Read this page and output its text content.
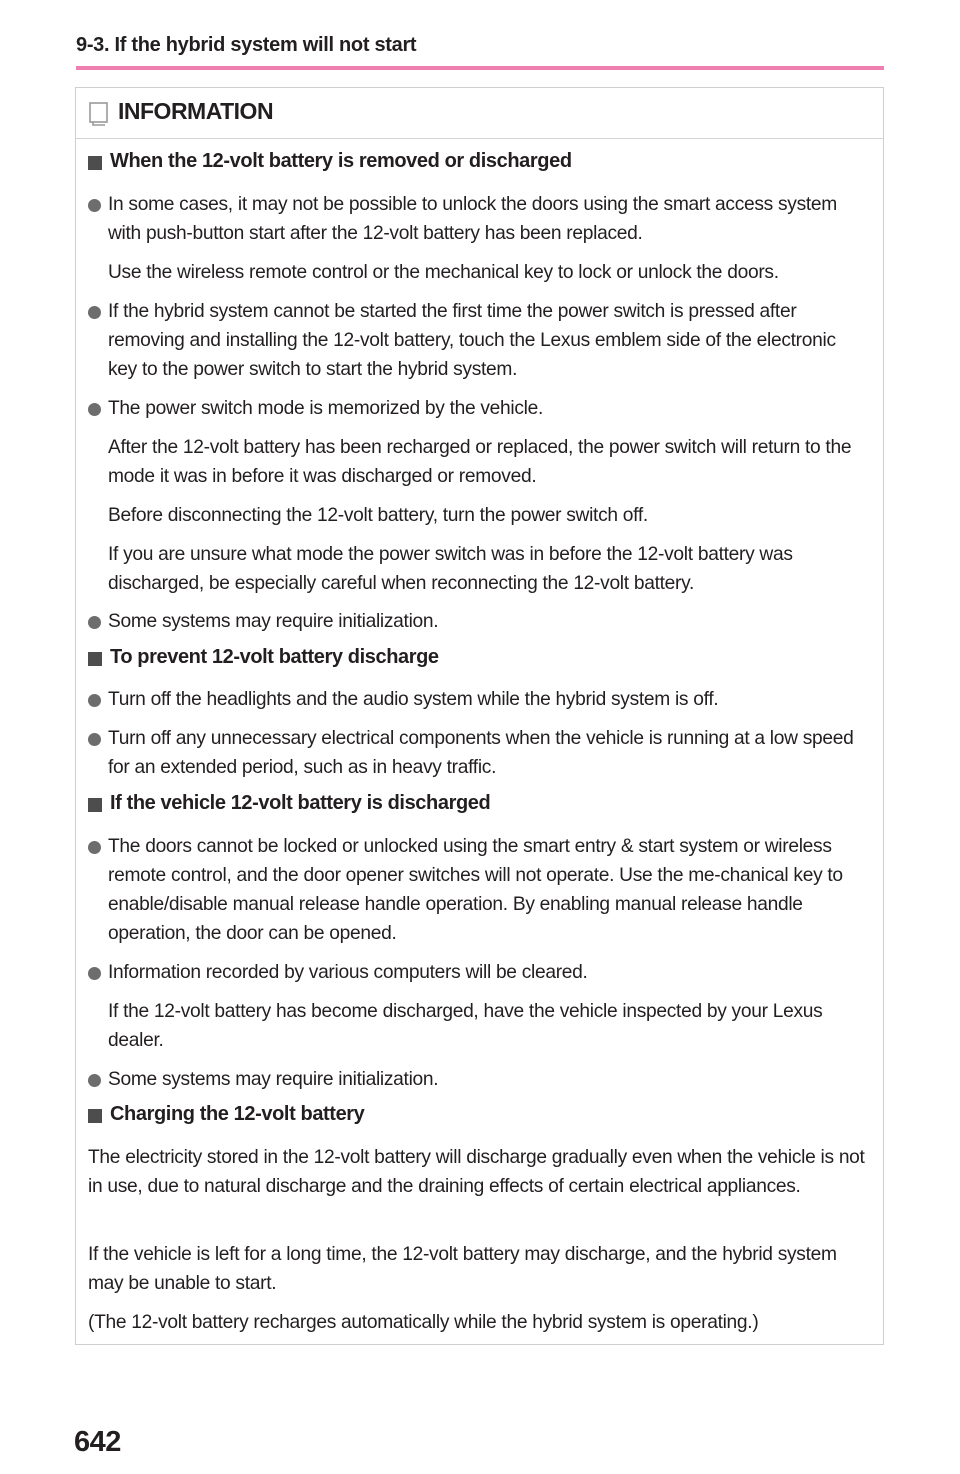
9-3. If the hybrid system will not start
INFORMATION
When the 12-volt battery is removed or discharged
In some cases, it may not be possible to unlock the doors using the smart access system with push-button start after the 12-volt battery has been replaced.
Use the wireless remote control or the mechanical key to lock or unlock the doors.
If the hybrid system cannot be started the first time the power switch is pressed after removing and installing the 12-volt battery, touch the Lexus emblem side of the electronic key to the power switch to start the hybrid system.
The power switch mode is memorized by the vehicle.
After the 12-volt battery has been recharged or replaced, the power switch will return to the mode it was in before it was discharged or removed.
Before disconnecting the 12-volt battery, turn the power switch off.
If you are unsure what mode the power switch was in before the 12-volt battery was discharged, be especially careful when reconnecting the 12-volt battery.
Some systems may require initialization.
To prevent 12-volt battery discharge
Turn off the headlights and the audio system while the hybrid system is off.
Turn off any unnecessary electrical components when the vehicle is running at a low speed for an extended period, such as in heavy traffic.
If the vehicle 12-volt battery is discharged
The doors cannot be locked or unlocked using the smart entry & start system or wireless remote control, and the door opener switches will not operate. Use the me-chanical key to enable/disable manual release handle operation. By enabling manual release handle operation, the door can be opened.
Information recorded by various computers will be cleared.
If the 12-volt battery has become discharged, have the vehicle inspected by your Lexus dealer.
Some systems may require initialization.
Charging the 12-volt battery
The electricity stored in the 12-volt battery will discharge gradually even when the vehicle is not in use, due to natural discharge and the draining effects of certain electrical appliances.
If the vehicle is left for a long time, the 12-volt battery may discharge, and the hybrid system may be unable to start.
(The 12-volt battery recharges automatically while the hybrid system is operating.)
642
